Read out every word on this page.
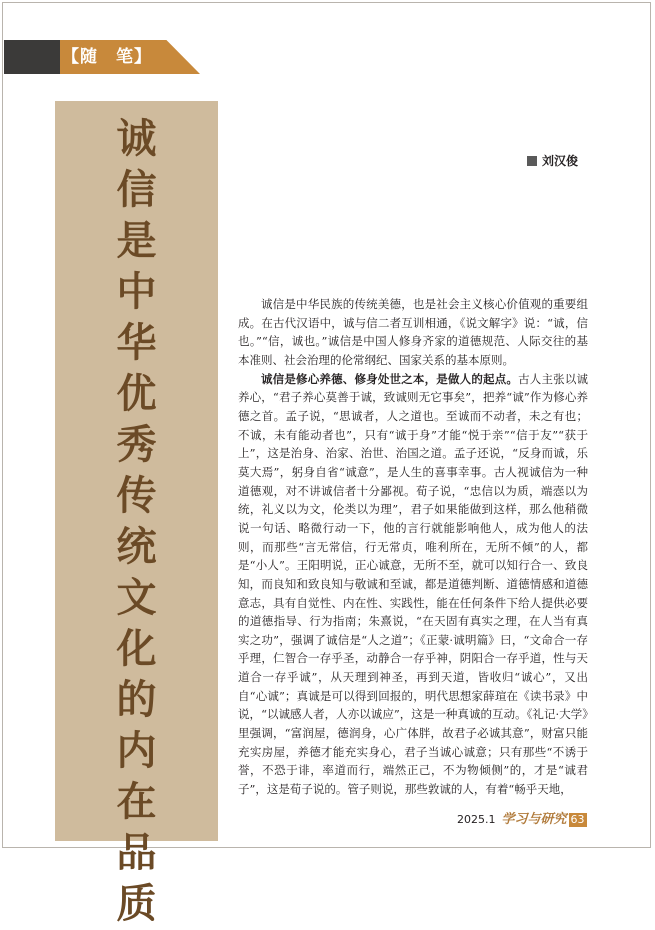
【随　笔】
诚
信
是
中
华
优
秀
传
统
文
化
的
内
在
品
质
刘汉俊

诚信是中华民族的传统美德，也是社会主义核心价值观的重要组成。在古代汉语中，诚与信二者互训相通，《说文解字》说：“诚，信也。”“信，诚也。”诚信是中国人修身齐家的道德规范、人际交往的基本准则、社会治理的伦常纲纪、国家关系的基本原则。

诚信是修心养德、修身处世之本，是做人的起点。古人主张以诚养心，“君子养心莫善于诚，致诚则无它事矣”，把养“诚”作为修心养德之首。孟子说，“思诚者，人之道也。至诚而不动者，未之有也；不诚，未有能动者也”，只有“诚于身”才能“悦于亲”“信于友”“获于上”，这是治身、治家、治世、治国之道。孟子还说，“反身而诚，乐莫大焉”，躬身自省“诚意”，是人生的喜事幸事。古人视诚信为一种道德观，对不讲诚信者十分鄙视。荀子说，“忠信以为质，端悫以为统，礼义以为文，伦类以为理”，君子如果能做到这样，那么他稍微说一句话、略微行动一下，他的言行就能影响他人，成为他人的法则，而那些“言无常信，行无常贞，唯利所在，无所不倾”的人，都是“小人”。王阳明说，正心诚意，无所不至，就可以知行合一、致良知，而良知和致良知与敬诚和至诚，都是道德判断、道德情感和道德意志，具有自觉性、内在性、实践性，能在任何条件下给人提供必要的道德指导、行为指南；朱熹说，“在天固有真实之理，在人当有真实之功”，强调了诚信是“人之道”；《正蒙·诚明篇》曰，“文命合一存乎理，仁智合一存乎圣，动静合一存乎神，阴阳合一存乎道，性与天道合一存乎诚”，从天理到神圣，再到天道，皆收归“诚心”，又出自“心诚”；真诚是可以得到回报的，明代思想家薛瑄在《读书录》中说，“以诚感人者，人亦以诚应”，这是一种真诚的互动。《礼记·大学》里强调，“富润屋，德润身，心广体胖，故君子必诚其意”，财富只能充实房屋，养德才能充实身心，君子当诚心诚意；只有那些“不诱于誉，不恐于诽，率道而行，端然正己，不为物倾侧”的，才是“诚君子”，这是荀子说的。管子则说，那些敦诚的人，有着“畅乎天地，

2025.1 学习与研究 63
